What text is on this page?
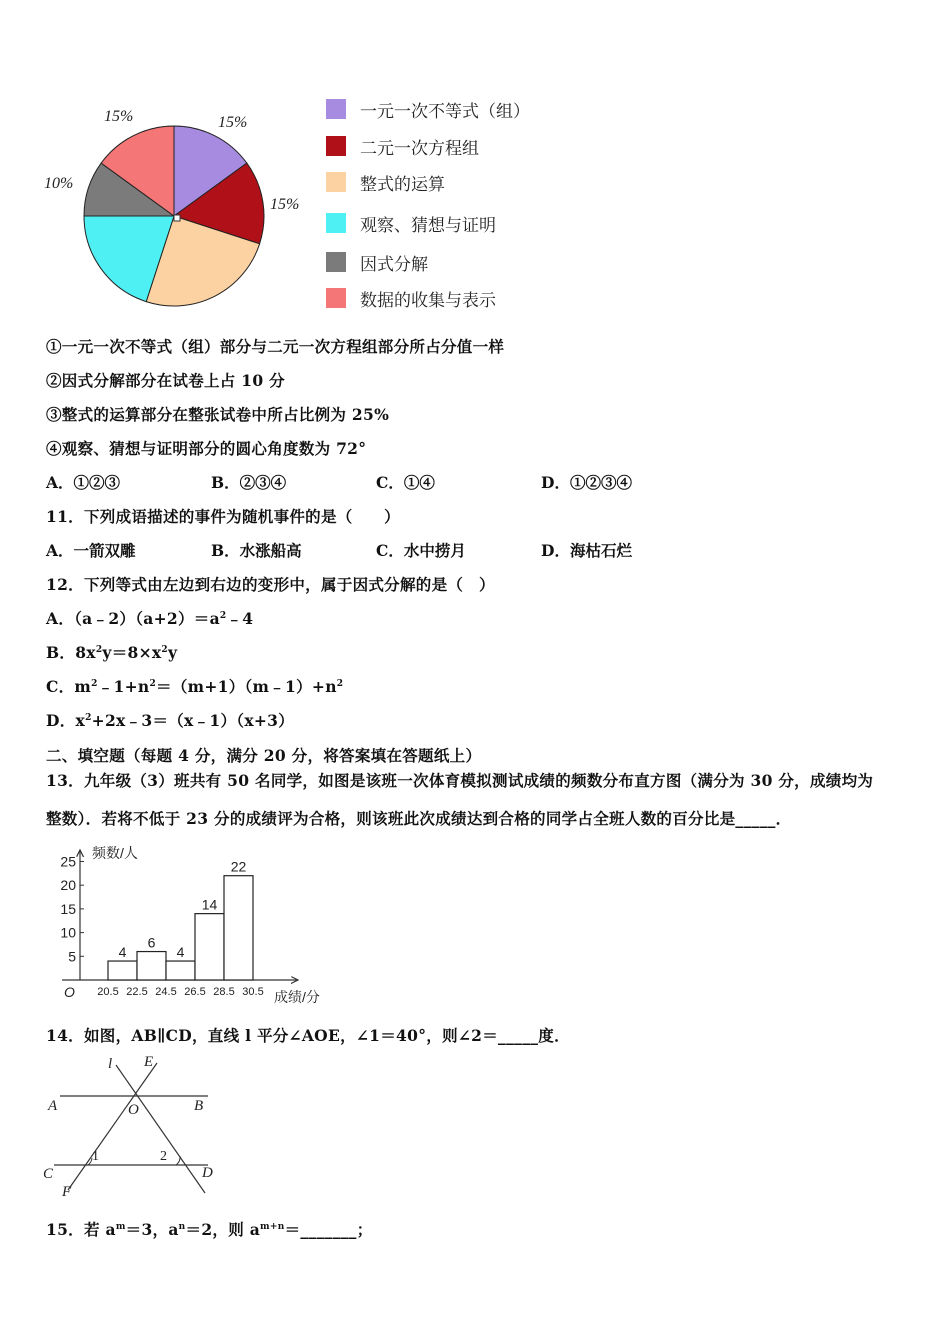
15%	15%
15%
10%
一元一次不等式（组）
二元一次方程组
整式的运算
观察、猜想与证明
因式分解
数据的收集与表示
①一元一次不等式（组）部分与二元一次方程组部分所占分值一样
②因式分解部分在试卷上占 10 分
③整式的运算部分在整张试卷中所占比例为 25%
④观察、猜想与证明部分的圆心角度数为 72°
A．①②③	B．②③④	C．①④	D．①②③④
11．下列成语描述的事件为随机事件的是（　　）
A．一箭双雕	B．水涨船高	C．水中捞月	D．海枯石烂
12．下列等式由左边到右边的变形中，属于因式分解的是（　）
A．$(a﹣2)(a+2)=a^2﹣4$
B．$8x^2y=8\times x^2y$
C．$m^2﹣1+n^2=(m+1)(m﹣1)+n^2$
D．$x^2+2x﹣3=(x﹣1)(x+3)$
二、填空题（每题 4 分，满分 20 分，将答案填在答题纸上）
13．九年级（3）班共有 50 名同学，如图是该班一次体育模拟测试成绩的频数分布直方图（满分为 30 分，成绩均为
整数）．若将不低于 23 分的成绩评为合格，则该班此次成绩达到合格的同学占全班人数的百分比是_____．
频数/人
成绩/分
O
5
10
15
20
25
20.5 22.5 24.5 26.5 28.5 30.5
4
6
4
14
22
14．如图，AB∥CD，直线 l 平分∠AOE，∠1＝40°，则∠2＝_____度．
l E
A	O	B
C
1	2
D
F
15．若 $a^m=3$，$a^n=2$，则 $a^{m+n}=\_\_\_\_\_\_\_$；
